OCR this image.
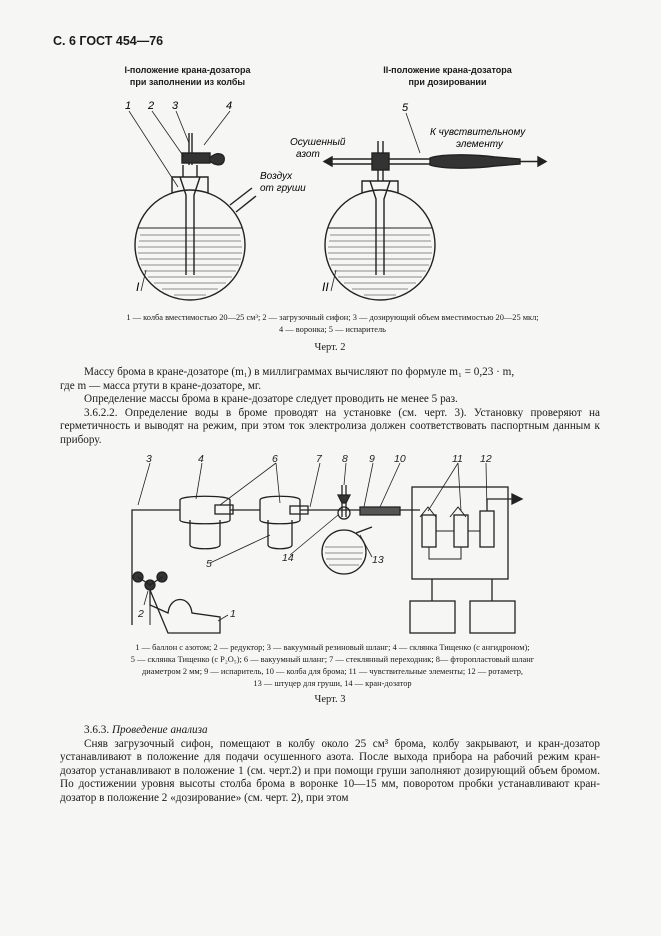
С. 6 ГОСТ 454—76
I-положение крана-дозатора
при заполнении из колбы
II-положение крана-дозатора
при дозировании
1 2 3	4
I
Воздух
от груши
5
II
Осушенный
азот
К чувствительному
элементу
1 — колба вместимостью 20—25 см³; 2 — загрузочный сифон; 3 — дозирующий объем вместимостью 20—25 мкл;
4 — воронка; 5 — испаритель
Черт. 2

Массу брома в кране-дозаторе (m₁) в миллиграммах вычисляют по формуле m₁ = 0,23 · m,

где m — масса ртути в кране-дозаторе, мг.

Определение массы брома в кране-дозаторе следует проводить не менее 5 раз.

3.6.2.2. Определение воды в броме проводят на установке (см. черт. 3). Установку проверяют на герметичность и выводят на режим, при этом ток электролиза должен соответствовать паспортным данным к прибору.

3	4	6	7 8 9 10	11 12
5	14	13
2	1
1 — баллон с азотом; 2 — редуктор; 3 — вакуумный резиновый шланг; 4 — склянка Тищенко (с ангидроном);
5 — склянка Тищенко (с P₂O₅); 6 — вакуумный шланг; 7 — стеклянный переходник; 8— фторопластовый шланг
диаметром 2 мм; 9 — испаритель, 10 — колба для брома; 11 — чувствительные элементы; 12 — ротаметр,
13 — штуцер для груши, 14 — кран-дозатор
Черт. 3

3.6.3. Проведение анализа

Сняв загрузочный сифон, помещают в колбу около 25 см³ брома, колбу закрывают, и кран-дозатор устанавливают в положение для подачи осушенного азота. После выхода прибора на рабочий режим кран-дозатор устанавливают в положение 1 (см. черт.2) и при помощи груши заполняют дозирующий объем бромом. По достижении уровня высоты столба брома в воронке 10—15 мм, поворотом пробки устанавливают кран-дозатор в положение 2 «дозирование» (см. черт. 2), при этом
